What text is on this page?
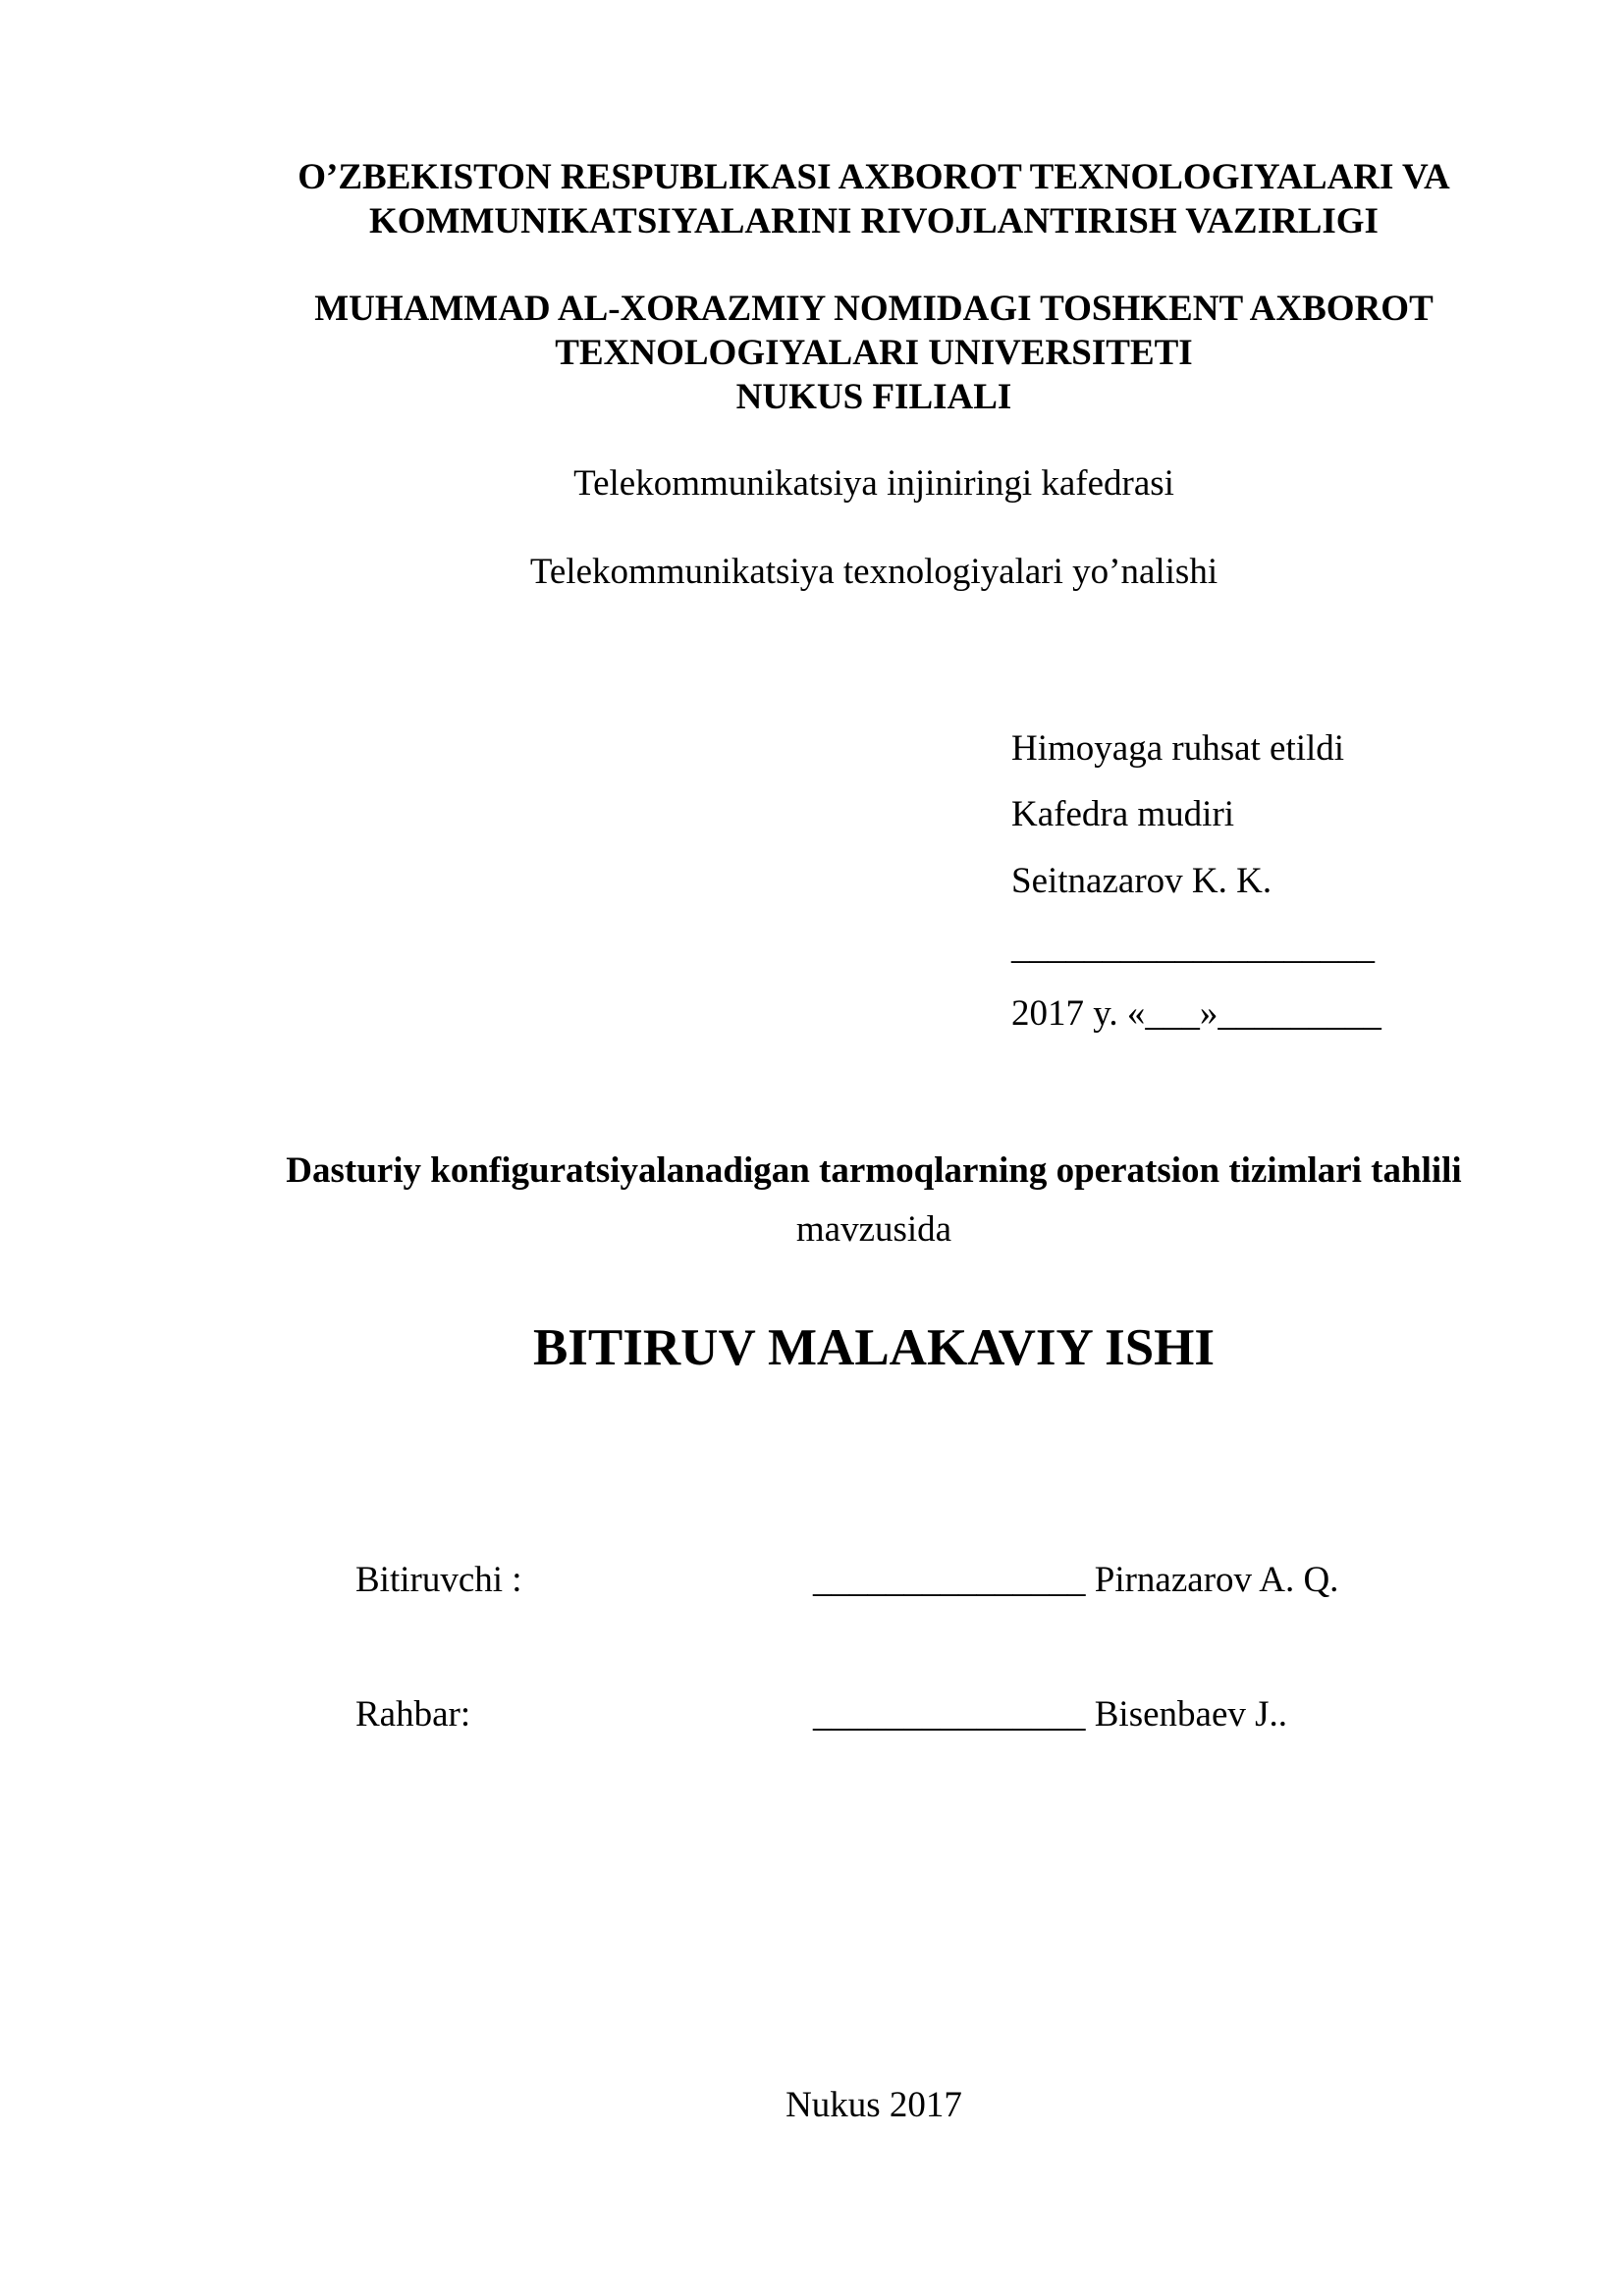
O’ZBEKISTON RESPUBLIKASI AXBOROT TEXNOLOGIYALARI VA
KOMMUNIKATSIYALARINI RIVOJLANTIRISH VAZIRLIGI
MUHAMMAD AL-XORAZMIY NOMIDAGI TOSHKENT AXBOROT
TEXNOLOGIYALARI UNIVERSITETI
NUKUS FILIALI
Telekommunikatsiya injiniringi kafedrasi
Telekommunikatsiya texnologiyalari yo’nalishi
Himoyaga ruhsat etildi
Kafedra mudiri
Seitnazarov K. K.
____________________
2017 y. «___»_________
Dasturiy konfiguratsiyalanadigan tarmoqlarning operatsion tizimlari tahlili
mavzusida
BITIRUV MALAKAVIY ISHI
Bitiruvchi :	_______________ Pirnazarov A. Q.
Rahbar:	_______________ Bisenbaev J..
Nukus 2017
